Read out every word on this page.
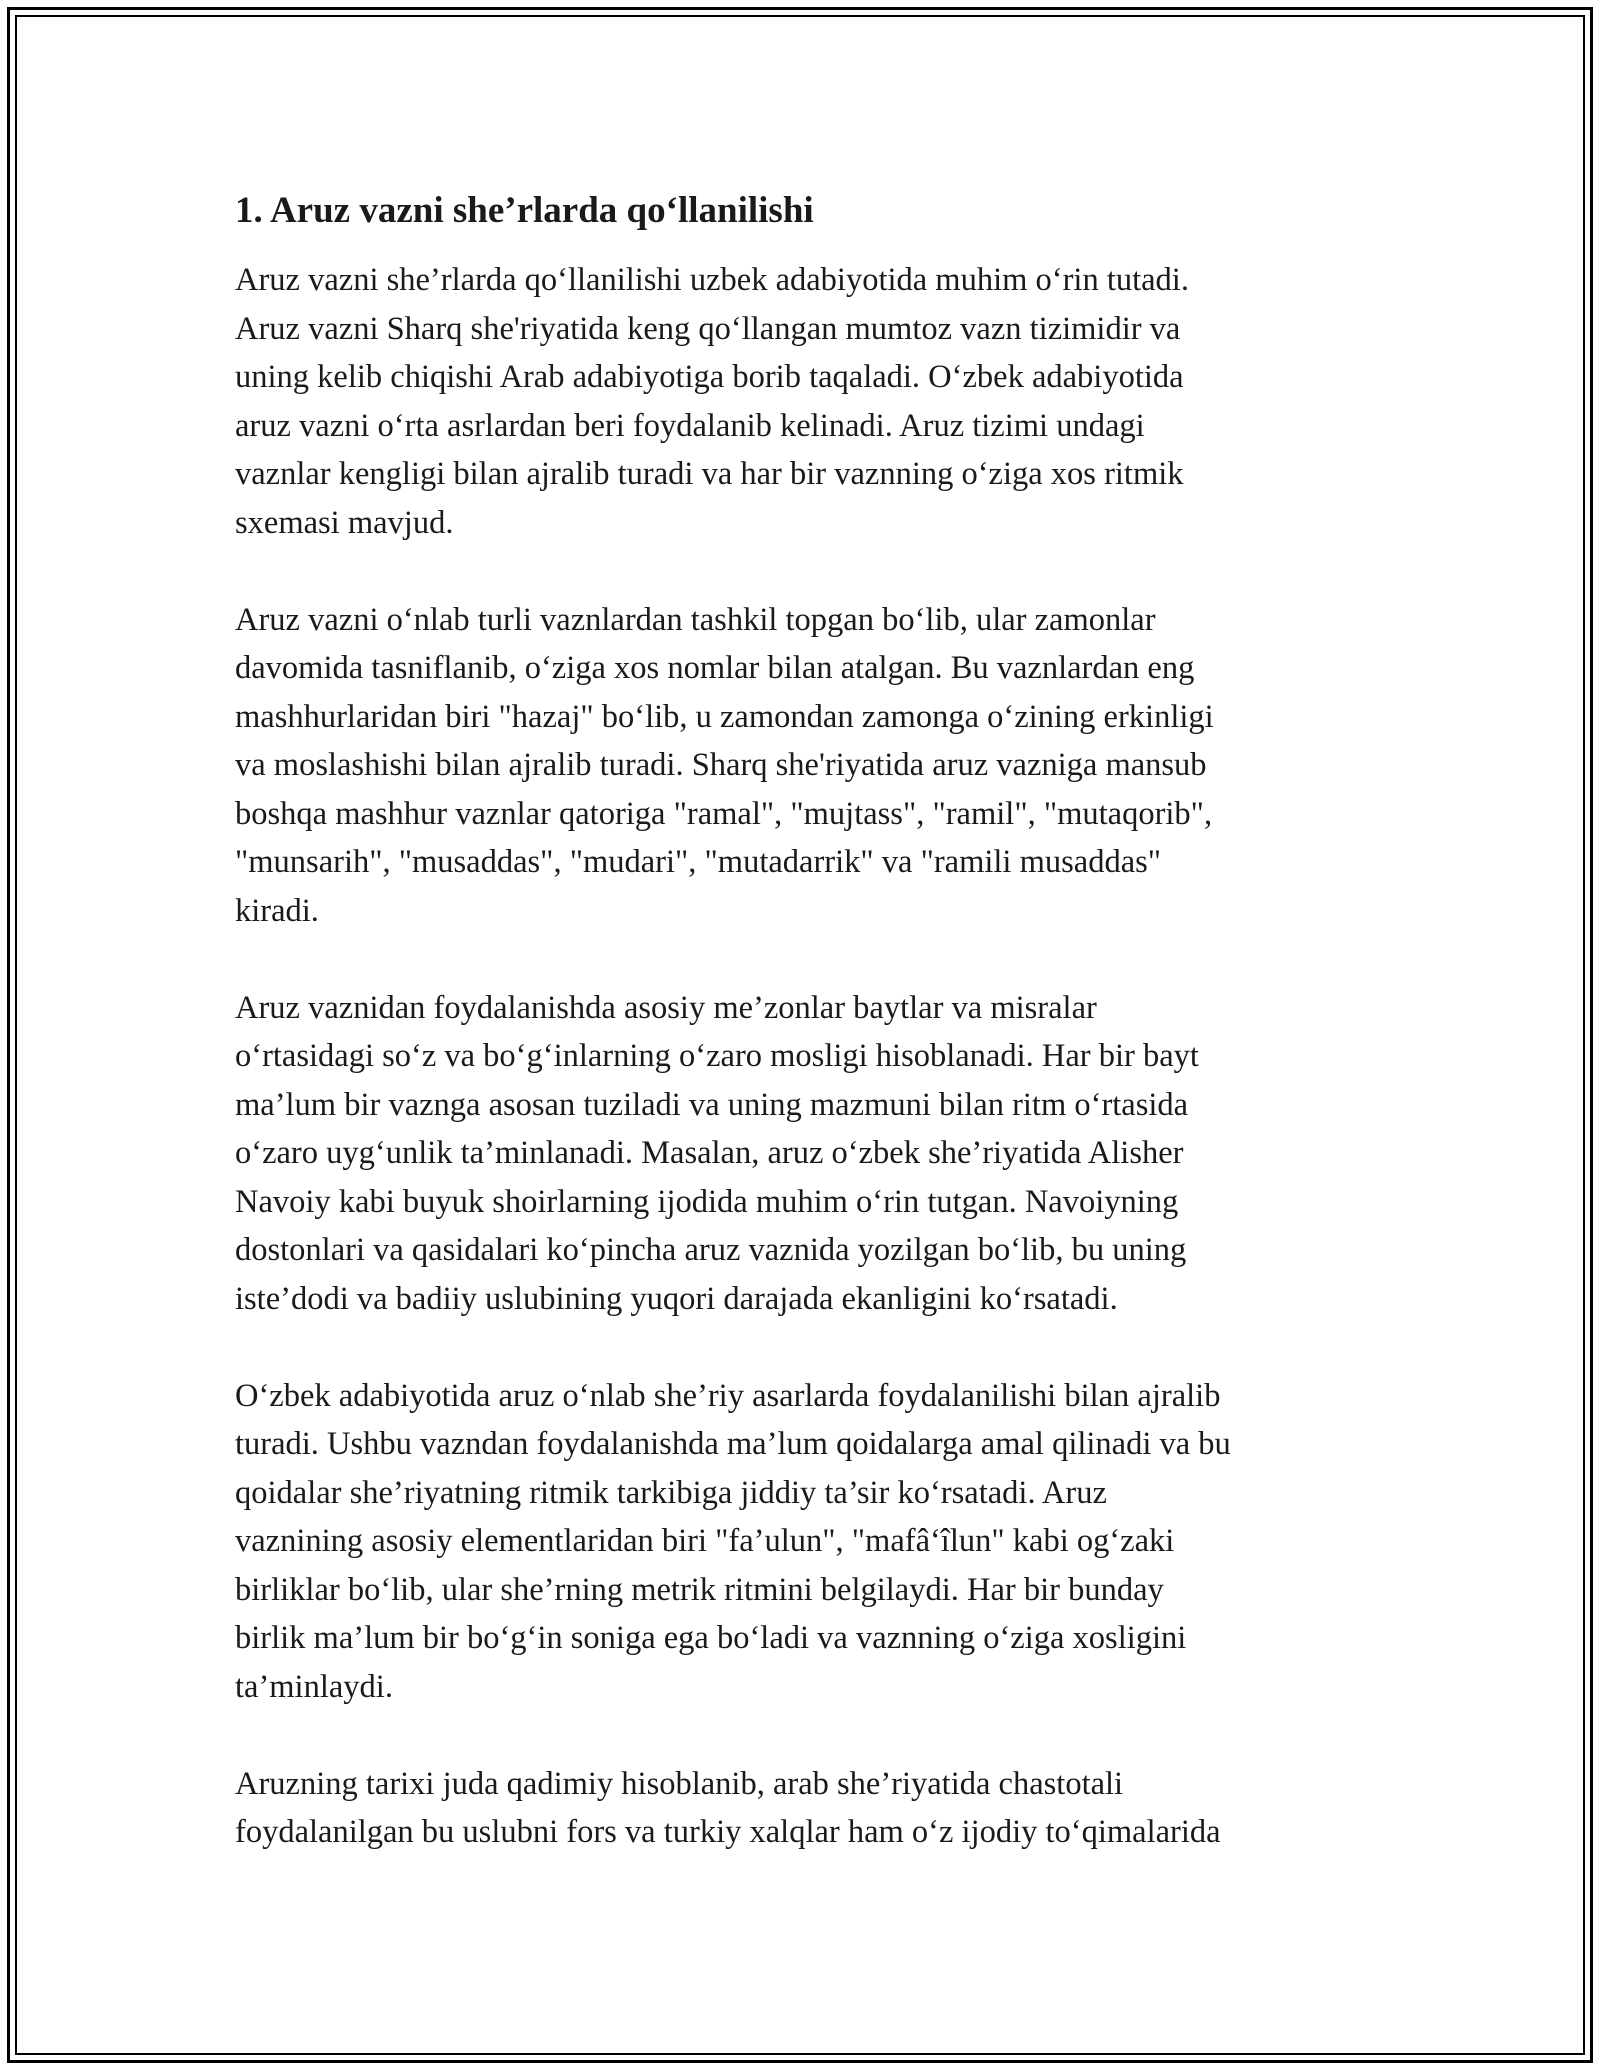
1. Aruz vazni she’rlarda qo‘llanilishi
Aruz vazni she’rlarda qo‘llanilishi uzbek adabiyotida muhim o‘rin tutadi.
Aruz vazni Sharq she'riyatida keng qo‘llangan mumtoz vazn tizimidir va
uning kelib chiqishi Arab adabiyotiga borib taqaladi. O‘zbek adabiyotida
aruz vazni o‘rta asrlardan beri foydalanib kelinadi. Aruz tizimi undagi
vaznlar kengligi bilan ajralib turadi va har bir vaznning o‘ziga xos ritmik
sxemasi mavjud.
Aruz vazni o‘nlab turli vaznlardan tashkil topgan bo‘lib, ular zamonlar
davomida tasniflanib, o‘ziga xos nomlar bilan atalgan. Bu vaznlardan eng
mashhurlaridan biri "hazaj" bo‘lib, u zamondan zamonga o‘zining erkinligi
va moslashishi bilan ajralib turadi. Sharq she'riyatida aruz vazniga mansub
boshqa mashhur vaznlar qatoriga "ramal", "mujtass", "ramil", "mutaqorib",
"munsarih", "musaddas", "mudari", "mutadarrik" va "ramili musaddas"
kiradi.
Aruz vaznidan foydalanishda asosiy me’zonlar baytlar va misralar
o‘rtasidagi so‘z va bo‘g‘inlarning o‘zaro mosligi hisoblanadi. Har bir bayt
ma’lum bir vaznga asosan tuziladi va uning mazmuni bilan ritm o‘rtasida
o‘zaro uyg‘unlik ta’minlanadi. Masalan, aruz o‘zbek she’riyatida Alisher
Navoiy kabi buyuk shoirlarning ijodida muhim o‘rin tutgan. Navoiyning
dostonlari va qasidalari ko‘pincha aruz vaznida yozilgan bo‘lib, bu uning
iste’dodi va badiiy uslubining yuqori darajada ekanligini ko‘rsatadi.
O‘zbek adabiyotida aruz o‘nlab she’riy asarlarda foydalanilishi bilan ajralib
turadi. Ushbu vazndan foydalanishda ma’lum qoidalarga amal qilinadi va bu
qoidalar she’riyatning ritmik tarkibiga jiddiy ta’sir ko‘rsatadi. Aruz
vaznining asosiy elementlaridan biri "fa’ulun", "mafâ‘îlun" kabi og‘zaki
birliklar bo‘lib, ular she’rning metrik ritmini belgilaydi. Har bir bunday
birlik ma’lum bir bo‘g‘in soniga ega bo‘ladi va vaznning o‘ziga xosligini
ta’minlaydi.
Aruzning tarixi juda qadimiy hisoblanib, arab she’riyatida chastotali
foydalanilgan bu uslubni fors va turkiy xalqlar ham o‘z ijodiy to‘qimalarida
